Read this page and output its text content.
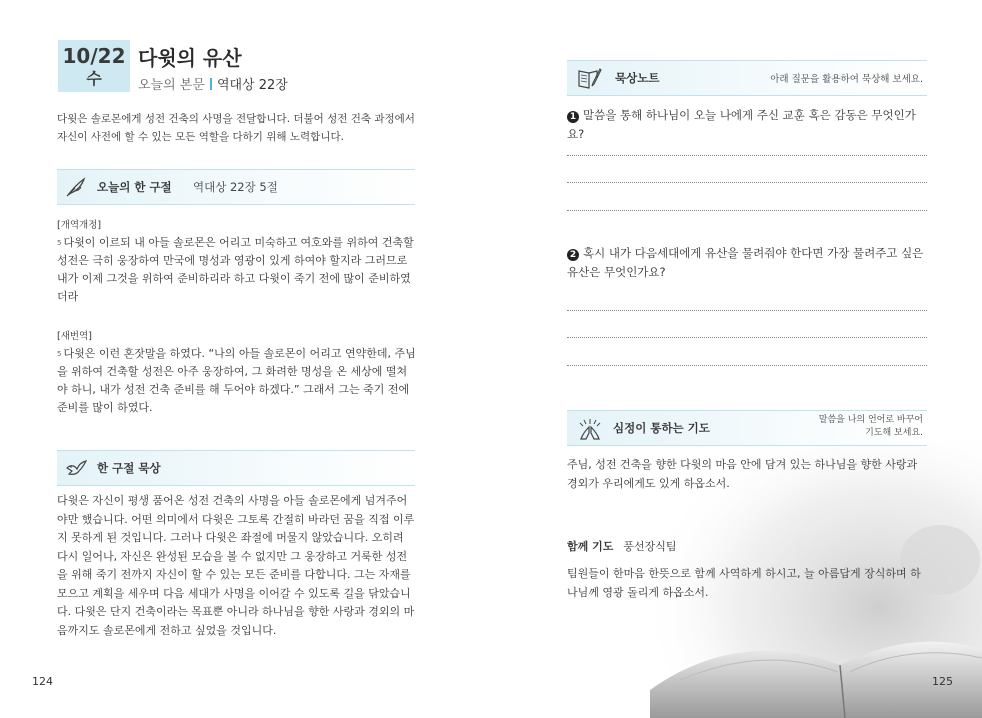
10/22
수
다윗의 유산
오늘의 본문 역대상 22장
다윗은 솔로몬에게 성전 건축의 사명을 전달합니다. 더불어 성전 건축 과정에서 자신이 사전에 할 수 있는 모든 역할을 다하기 위해 노력합니다.
오늘의 한 구절 역대상 22장 5절
[개역개정]
$^5$ 다윗이 이르되 내 아들 솔로몬은 어리고 미숙하고 여호와를 위하여 건축할 성전은 극히 웅장하여 만국에 명성과 영광이 있게 하여야 할지라 그러므로 내가 이제 그것을 위하여 준비하리라 하고 다윗이 죽기 전에 많이 준비하였더라
[새번역]
$^5$ 다윗은 이런 혼잣말을 하였다. “나의 아들 솔로몬이 어리고 연약한데, 주님을 위하여 건축할 성전은 아주 웅장하여, 그 화려한 명성을 온 세상에 떨쳐야 하니, 내가 성전 건축 준비를 해 두어야 하겠다.” 그래서 그는 죽기 전에 준비를 많이 하였다.
한 구절 묵상
다윗은 자신이 평생 품어온 성전 건축의 사명을 아들 솔로몬에게 넘겨주어야만 했습니다. 어떤 의미에서 다윗은 그토록 간절히 바라던 꿈을 직접 이루지 못하게 된 것입니다. 그러나 다윗은 좌절에 머물지 않았습니다. 오히려 다시 일어나, 자신은 완성된 모습을 볼 수 없지만 그 웅장하고 거룩한 성전을 위해 죽기 전까지 자신이 할 수 있는 모든 준비를 다합니다. 그는 자재를 모으고 계획을 세우며 다음 세대가 사명을 이어갈 수 있도록 길을 닦았습니다. 다윗은 단지 건축이라는 목표뿐 아니라 하나님을 향한 사랑과 경외의 마음까지도 솔로몬에게 전하고 싶었을 것입니다.
124
묵상노트	아래 질문을 활용하여 묵상해 보세요.
1 말씀을 통해 하나님이 오늘 나에게 주신 교훈 혹은 감동은 무엇인가요?
2 혹시 내가 다음세대에게 유산을 물려줘야 한다면 가장 물려주고 싶은 유산은 무엇인가요?
심정이 통하는 기도
말씀을 나의 언어로 바꾸어
기도해 보세요.
주님, 성전 건축을 향한 다윗의 마음 안에 담겨 있는 하나님을 향한 사랑과 경외가 우리에게도 있게 하옵소서.
함께 기도 풍선장식팀
팀원들이 한마음 한뜻으로 함께 사역하게 하시고, 늘 아름답게 장식하며 하나님께 영광 돌리게 하옵소서.
125
